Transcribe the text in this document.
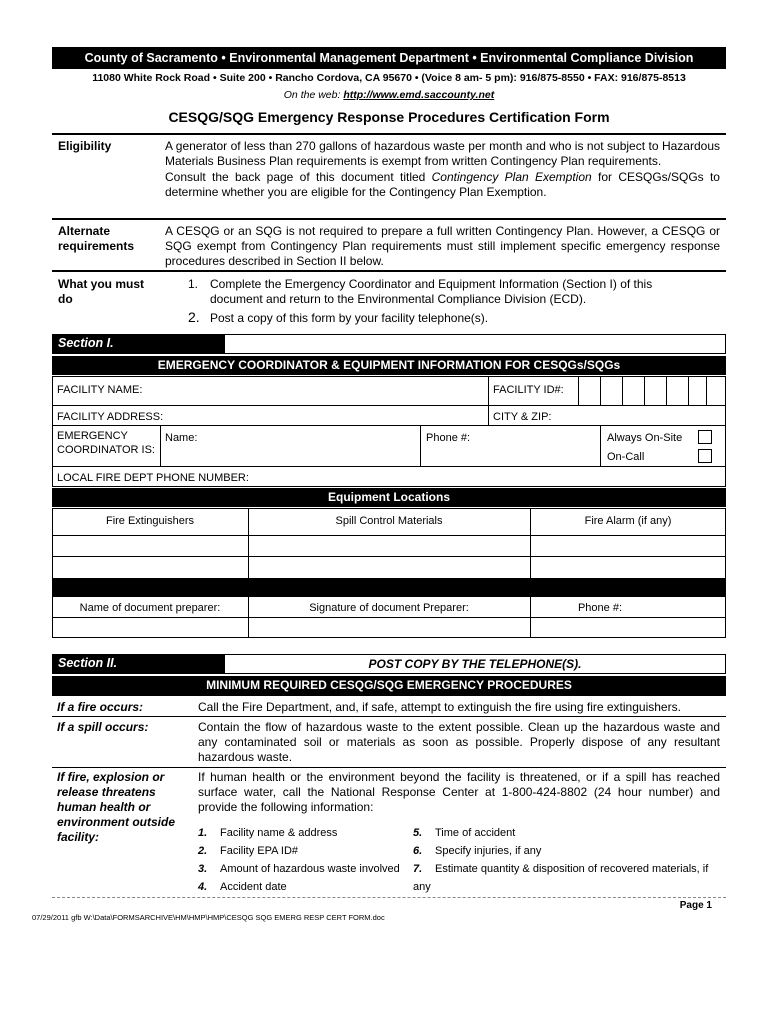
County of Sacramento • Environmental Management Department • Environmental Compliance Division
11080 White Rock Road • Suite 200 • Rancho Cordova, CA 95670 • (Voice 8 am- 5 pm): 916/875-8550 • FAX: 916/875-8513
On the web: http://www.emd.saccounty.net
CESQG/SQG Emergency Response Procedures Certification Form
Eligibility	A generator of less than 270 gallons of hazardous waste per month and who is not subject to Hazardous Materials Business Plan requirements is exempt from written Contingency Plan requirements.
Consult the back page of this document titled Contingency Plan Exemption for CESQGs/SQGs to determine whether you are eligible for the Contingency Plan Exemption.
Alternate
requirements
A CESQG or an SQG is not required to prepare a full written Contingency Plan. However, a CESQG or SQG exempt from Contingency Plan requirements must still implement specific emergency response procedures described in Section II below.
What you must
do
1. Complete the Emergency Coordinator and Equipment Information (Section I) of this document and return to the Environmental Compliance Division (ECD).
2. Post a copy of this form by your facility telephone(s).
Section I.
EMERGENCY COORDINATOR & EQUIPMENT INFORMATION FOR CESQGs/SQGs
FACILITY NAME:	FACILITY ID#:
FACILITY ADDRESS:	CITY & ZIP:
EMERGENCY
COORDINATOR IS:
Name:	Phone #:	Always On-Site
On-Call
LOCAL FIRE DEPT PHONE NUMBER:
Equipment Locations
Fire Extinguishers	Spill Control Materials	Fire Alarm (if any)
Name of document preparer:	Signature of document Preparer:	Phone #:
Section II.	POST COPY BY THE TELEPHONE(S).
MINIMUM REQUIRED CESQG/SQG EMERGENCY PROCEDURES
If a fire occurs:	Call the Fire Department, and, if safe, attempt to extinguish the fire using fire extinguishers.
If a spill occurs:	Contain the flow of hazardous waste to the extent possible. Clean up the hazardous waste and any contaminated soil or materials as soon as possible. Properly dispose of any resultant hazardous waste.
If fire, explosion or
release threatens
human health or
environment outside
facility:
If human health or the environment beyond the facility is threatened, or if a spill has reached surface water, call the National Response Center at 1-800-424-8802 (24 hour number) and provide the following information:
1. Facility name & address
2. Facility EPA ID#
3. Amount of hazardous waste involved
4. Accident date
5. Time of accident
6. Specify injuries, if any
7. Estimate quantity & disposition of recovered materials, if any
Page 1
07/29/2011 gfb W:\Data\FORMSARCHIVE\HM\HMP\HMP\CESQG SQG EMERG RESP CERT FORM.doc
